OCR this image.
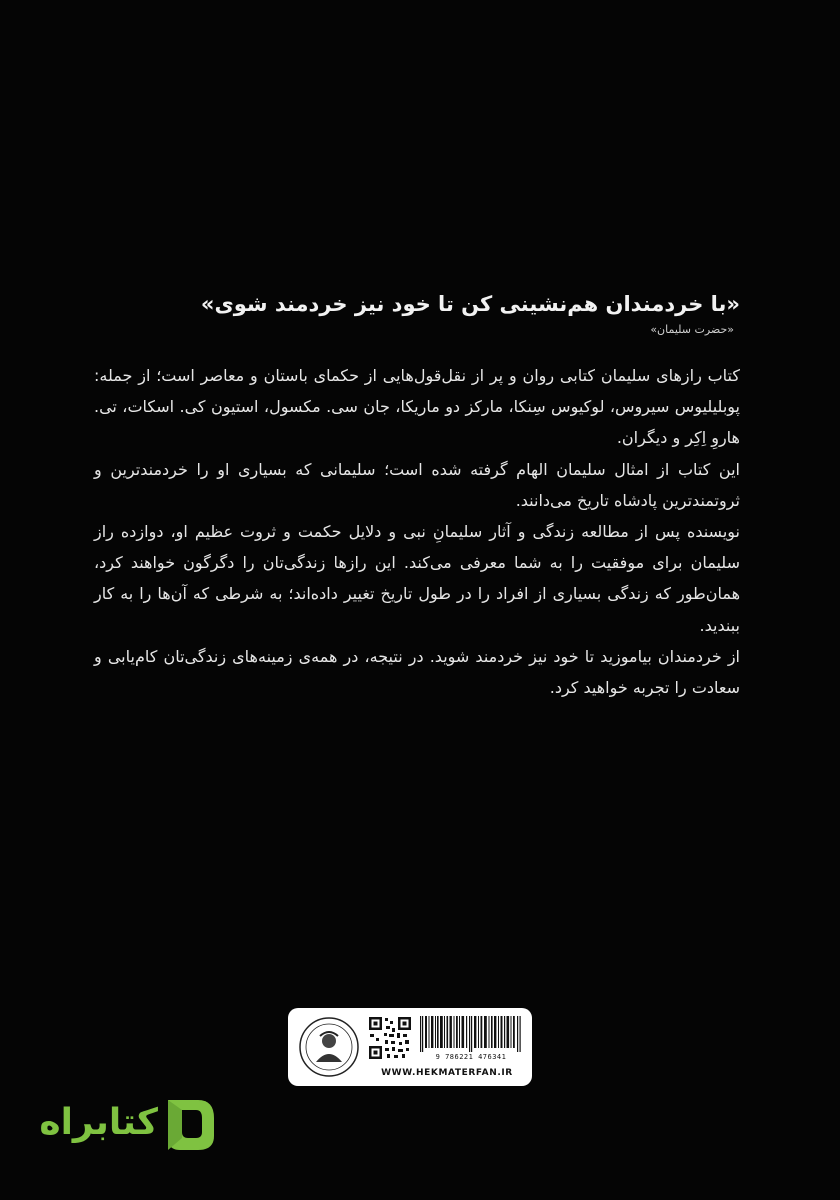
«با خردمندان هم‌نشینی کن تا خود نیز خردمند شوی»

«حضرت سلیمان»

کتاب رازهای سلیمان کتابی روان و پر از نقل‌قول‌هایی از حکمای باستان و معاصر است؛ از جمله: پوبلیلیوس سیروس، لوکیوس سِنکا، مارکز دو ماریکا، جان سی. مکسول، استیون کی. اسکات، تی. هاروِ اِکِر و دیگران.

این کتاب از امثال سلیمان الهام گرفته شده است؛ سلیمانی که بسیاری او را خردمندترین و ثروتمندترین پادشاه تاریخ می‌دانند.

نویسنده پس از مطالعه زندگی و آثار سلیمانِ نبی و دلایل حکمت و ثروت عظیم او، دوازده راز سلیمان برای موفقیت را به شما معرفی می‌کند. این رازها زندگی‌تان را دگرگون خواهند کرد، همان‌طور که زندگی بسیاری از افراد را در طول تاریخ تغییر داده‌اند؛ به شرطی که آن‌ها را به کار ببندید.

از خردمندان بیاموزید تا خود نیز خردمند شوید. در نتیجه، در همه‌ی زمینه‌های زندگی‌تان کام‌یابی و سعادت را تجربه خواهید کرد.

9 786221 476341
WWW.HEKMATERFAN.IR
کتابراه
